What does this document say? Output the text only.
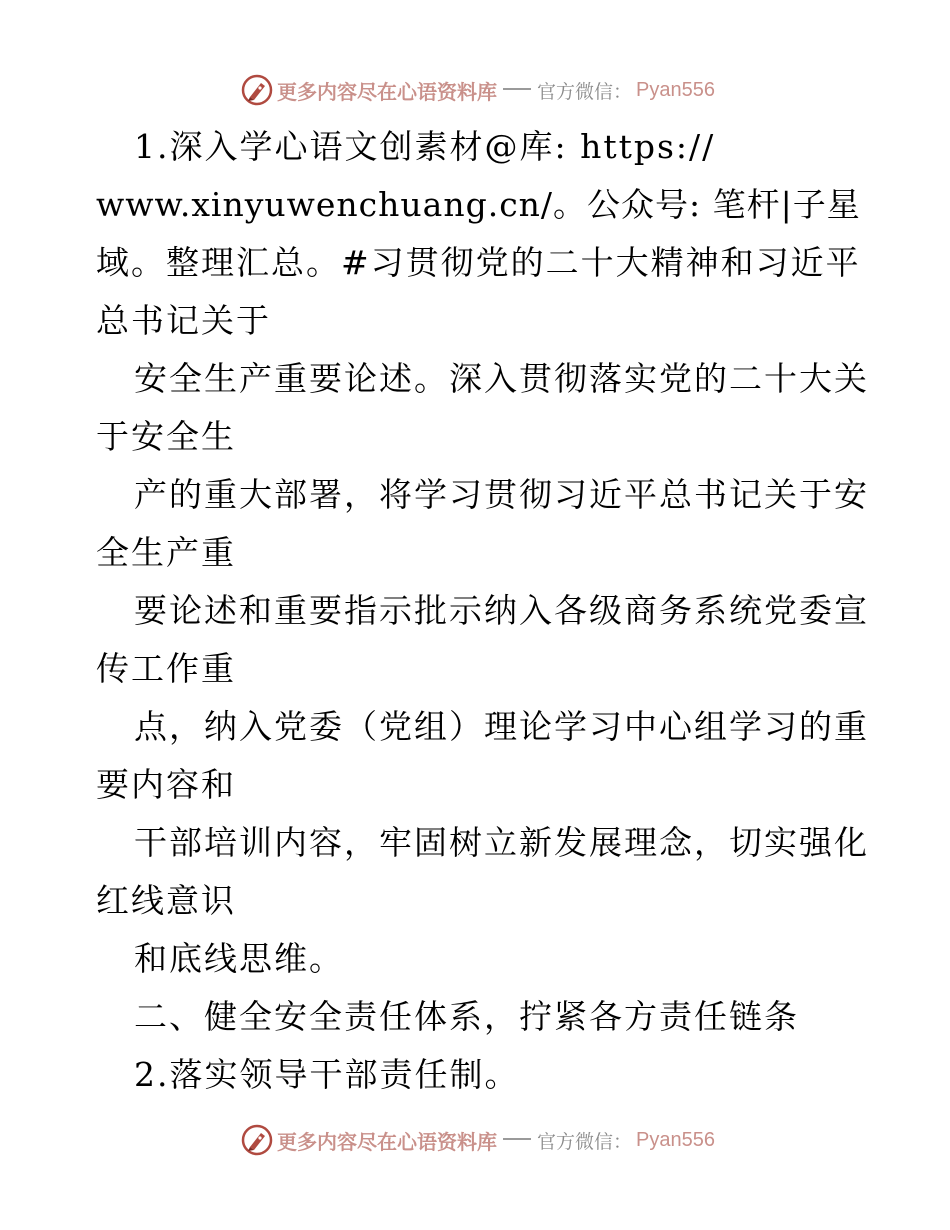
更多内容尽在心语资料库 官方微信： Pyan556
1.深入学心语文创素材@库: https://
www.xinyuwenchuang.cn/。公众号: 笔杆|子星
域。整理汇总。#习贯彻党的二十大精神和习近平
总书记关于
安全生产重要论述。深入贯彻落实党的二十大关
于安全生
产的重大部署，将学习贯彻习近平总书记关于安
全生产重
要论述和重要指示批示纳入各级商务系统党委宣
传工作重
点，纳入党委（党组）理论学习中心组学习的重
要内容和
干部培训内容，牢固树立新发展理念，切实强化
红线意识
和底线思维。
二、健全安全责任体系，拧紧各方责任链条
2.落实领导干部责任制。
更多内容尽在心语资料库 官方微信： Pyan556
